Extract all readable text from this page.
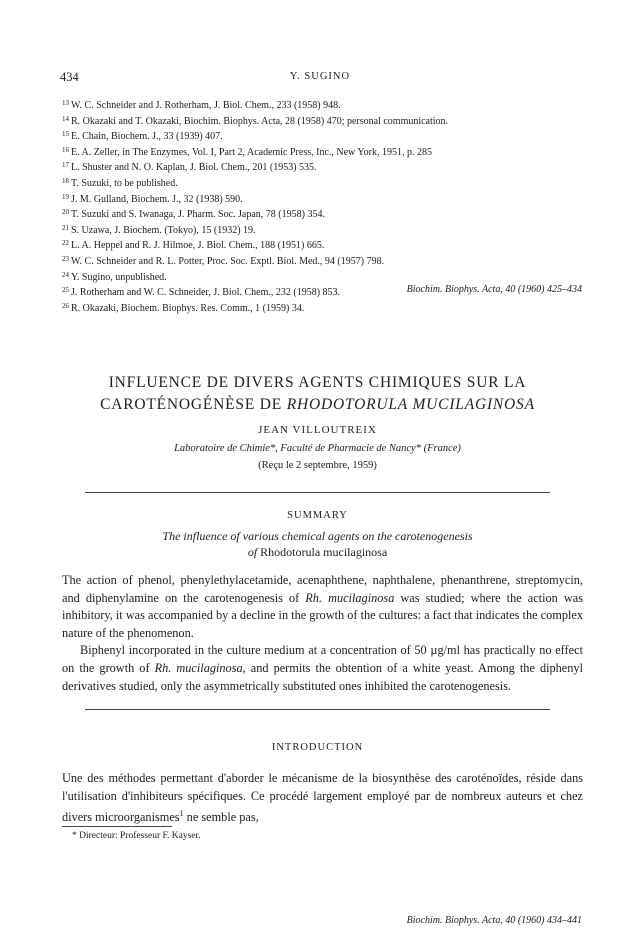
434	Y. SUGINO
$^{13}$ W. C. Schneider and J. Rotherham, J. Biol. Chem., 233 (1958) 948.
$^{14}$ R. Okazaki and T. Okazaki, Biochim. Biophys. Acta, 28 (1958) 470; personal communication.
$^{15}$ E. Chain, Biochem. J., 33 (1939) 407.
$^{16}$ E. A. Zeller, in The Enzymes, Vol. I, Part 2, Academic Press, Inc., New York, 1951, p. 285
$^{17}$ L. Shuster and N. O. Kaplan, J. Biol. Chem., 201 (1953) 535.
$^{18}$ T. Suzuki, to be published.
$^{19}$ J. M. Gulland, Biochem. J., 32 (1938) 590.
$^{20}$ T. Suzuki and S. Iwanaga, J. Pharm. Soc. Japan, 78 (1958) 354.
$^{21}$ S. Uzawa, J. Biochem. (Tokyo), 15 (1932) 19.
$^{22}$ L. A. Heppel and R. J. Hilmoe, J. Biol. Chem., 188 (1951) 665.
$^{23}$ W. C. Schneider and R. L. Potter, Proc. Soc. Exptl. Biol. Med., 94 (1957) 798.
$^{24}$ Y. Sugino, unpublished.
$^{25}$ J. Rotherham and W. C. Schneider, J. Biol. Chem., 232 (1958) 853.
$^{26}$ R. Okazaki, Biochem. Biophys. Res. Comm., 1 (1959) 34.
Biochim. Biophys. Acta, 40 (1960) 425–434
INFLUENCE DE DIVERS AGENTS CHIMIQUES SUR LA
CAROTÉNOGÉNÈSE DE RHODOTORULA MUCILAGINOSA
JEAN VILLOUTREIX
Laboratoire de Chimie*, Faculté de Pharmacie de Nancy* (France)
(Reçu le 2 septembre, 1959)
SUMMARY
The influence of various chemical agents on the carotenogenesis
of Rhodotorula mucilaginosa

The action of phenol, phenylethylacetamide, acenaphthene, naphthalene, phenanthrene, streptomycin, and diphenylamine on the carotenogenesis of Rh. mucilaginosa was studied; where the action was inhibitory, it was accompanied by a decline in the growth of the cultures: a fact that indicates the complex nature of the phenomenon.

Biphenyl incorporated in the culture medium at a concentration of 50 µg/ml has practically no effect on the growth of Rh. mucilaginosa, and permits the obtention of a white yeast. Among the diphenyl derivatives studied, only the asymmetrically substituted ones inhibited the carotenogenesis.

INTRODUCTION

Une des méthodes permettant d'aborder le mécanisme de la biosynthèse des caroténoïdes, réside dans l'utilisation d'inhibiteurs spécifiques. Ce procédé largement employé par de nombreux auteurs et chez divers microorganismes$^1$ ne semble pas,

* Directeur: Professeur F. Kayser.
Biochim. Biophys. Acta, 40 (1960) 434–441
